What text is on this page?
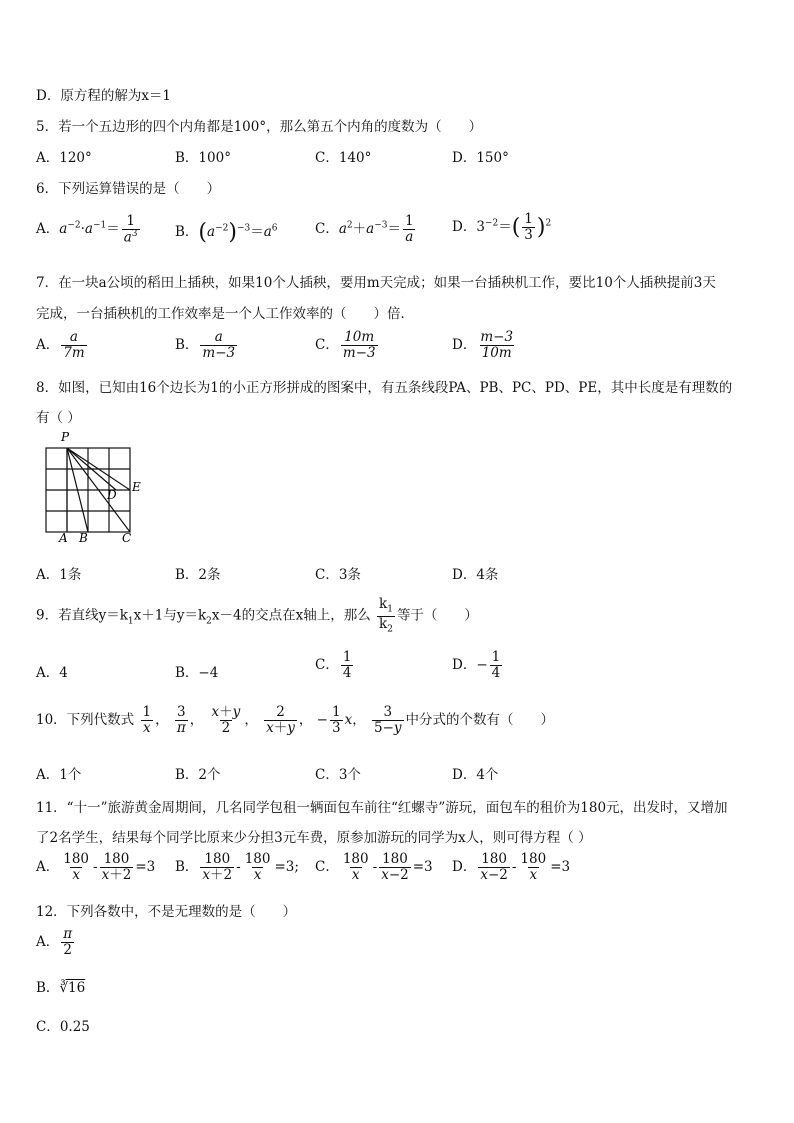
D．原方程的解为x＝1
5．若一个五边形的四个内角都是100°，那么第五个内角的度数为（　　）
A．120°	B．100°	C．140°	D．150°
6．下列运算错误的是（　　）
A．$a^{-2}\cdot a^{-1}= \frac{1}{a^3}$	B．$(a^{-2})^{-3}=a^6$	C．$a^2+a^{-3}= \frac{1}{a}$	D．$3^{-2}=( \frac{1}{3} )^2$
7．在一块a公顷的稻田上插秧，如果10个人插秧，要用m天完成；如果一台插秧机工作，要比10个人插秧提前3天
完成，一台插秧机的工作效率是一个人工作效率的（　　）倍．
A． $\frac{a}{7m}$	B． $\frac{a}{m-3}$	C． $\frac{10m}{m-3}$	D． $\frac{m-3}{10m}$
8．如图，已知由16个边长为1的小正方形拼成的图案中，有五条线段PA、PB、PC、PD、PE，其中长度是有理数的
有（ ）
P
A B	C
D
E
A．1条	B．2条	C．3条	D．4条
9．若直线$y=k_1x+1$与$y=k_2x-4$的交点在x轴上，那么 $\frac{k_1}{k_2}$ 等于（　　）
A．4	B．−4
C． $\frac{1}{4}$	D．− $\frac{1}{4}$
10．下列代数式 $\frac{1}{x}$ ， $\frac{3}{\pi}$ ， $\frac{x+y}{2}$ ， $\frac{2}{x+y}$ ， − $\frac{1}{3}$ x， $\frac{3}{5-y}$ 中分式的个数有（　　）
A．1个	B．2个	C．3个	D．4个
11．“十一”旅游黄金周期间，几名同学包租一辆面包车前往“红螺寺”游玩，面包车的租价为180元，出发时，又增加
了2名学生，结果每个同学比原来少分担3元车费，原参加游玩的同学为x人，则可得方程（ ）
A． $\frac{180}{x} - \frac{180}{x+2} =3$ B． $\frac{180}{x+2} - \frac{180}{x} =3$; C． $\frac{180}{x} - \frac{180}{x-2} =3$ D． $\frac{180}{x-2} - \frac{180}{x} =3$
12．下列各数中，不是无理数的是（　　）
A． $\frac{\pi}{2}$
B．∛16
C．0.25
